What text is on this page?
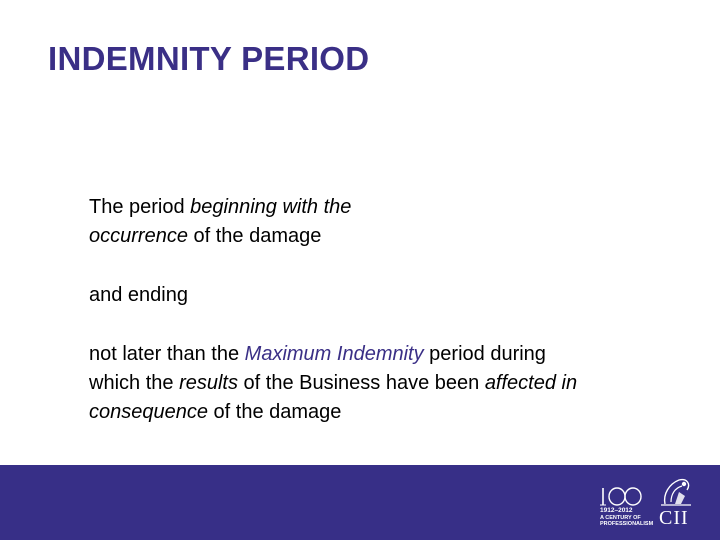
INDEMNITY PERIOD

The period beginning with the
occurrence of the damage

and ending

not later than the Maximum Indemnity period during
which the results of the Business have been affected in
consequence of the damage

1912–2012
A CENTURY OF
PROFESSIONALISM CII
